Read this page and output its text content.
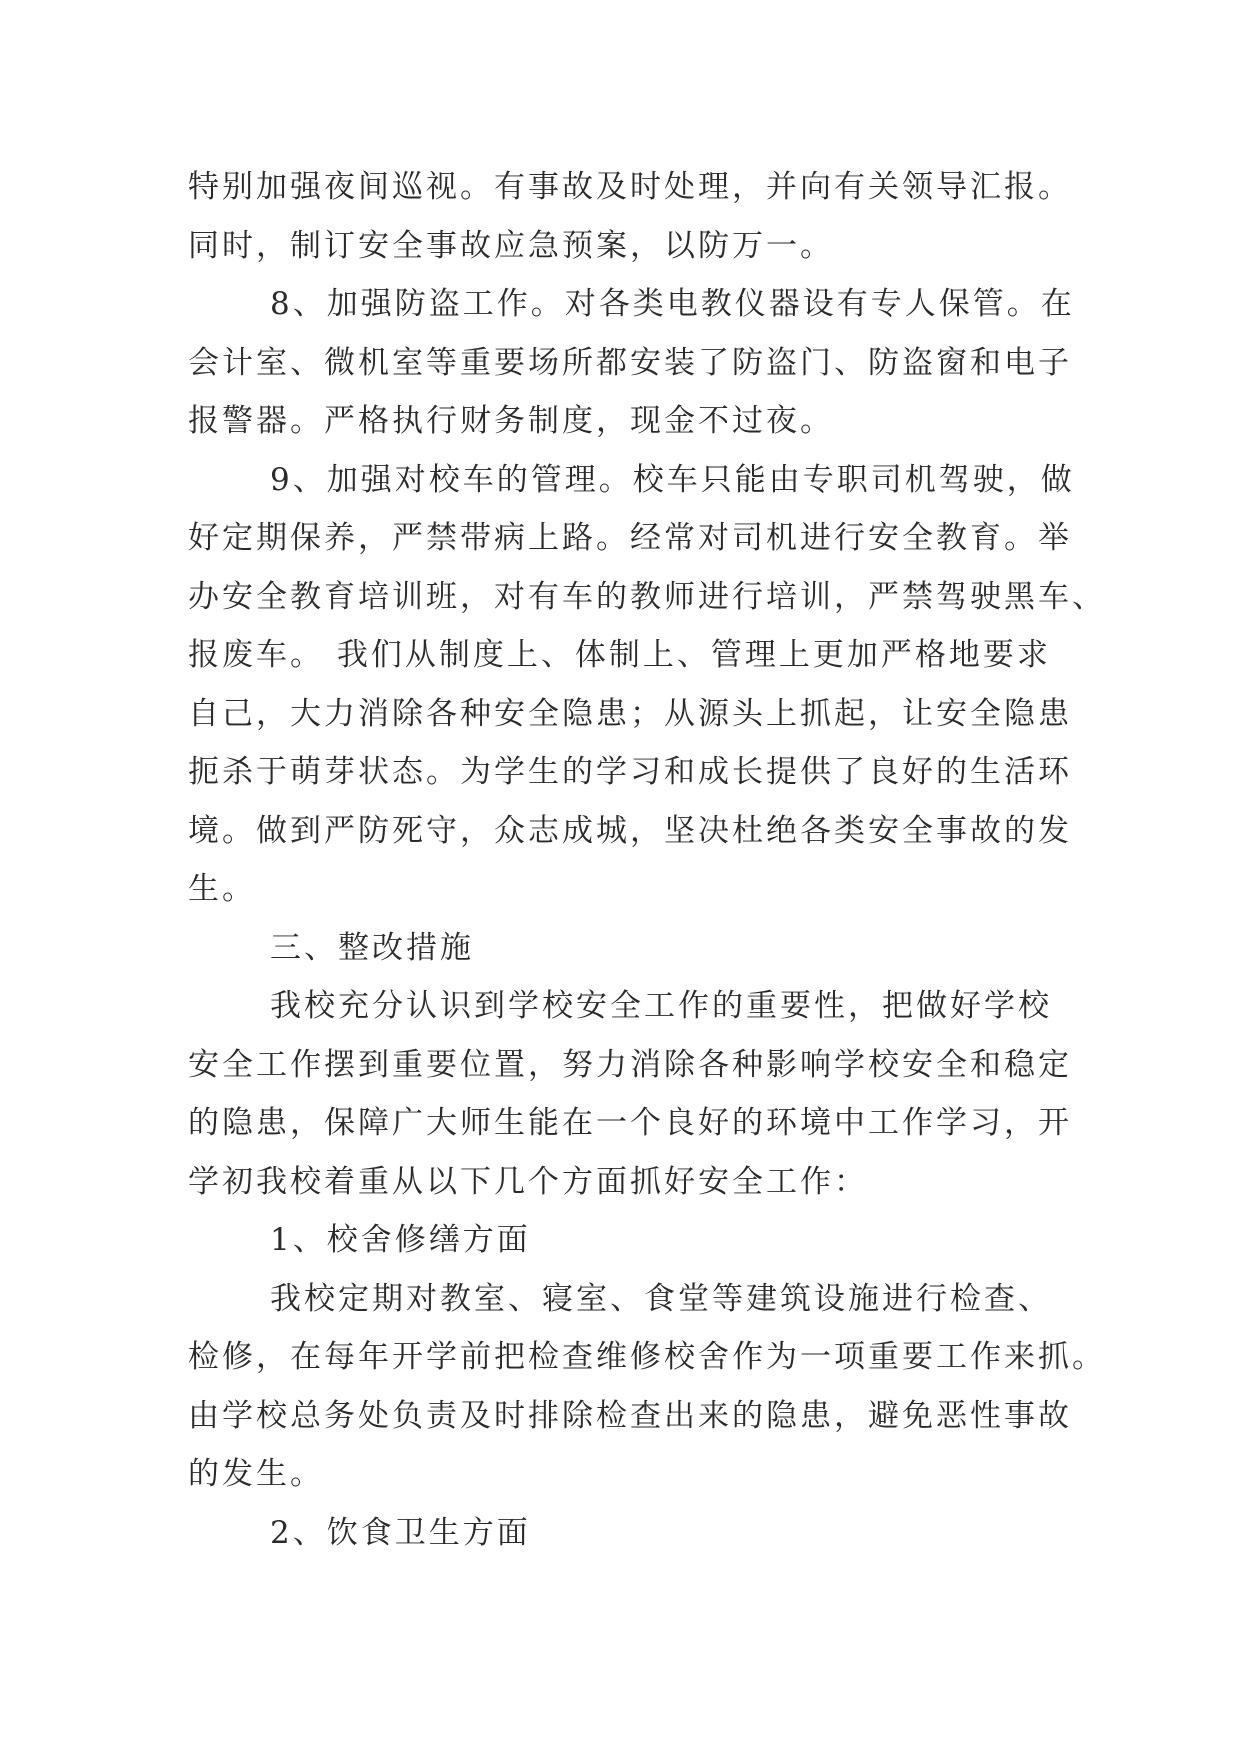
特别加强夜间巡视。有事故及时处理，并向有关领导汇报。
同时，制订安全事故应急预案，以防万一。
8、加强防盗工作。对各类电教仪器设有专人保管。在
会计室、微机室等重要场所都安装了防盗门、防盗窗和电子
报警器。严格执行财务制度，现金不过夜。
9、加强对校车的管理。校车只能由专职司机驾驶，做
好定期保养，严禁带病上路。经常对司机进行安全教育。举
办安全教育培训班，对有车的教师进行培训，严禁驾驶黑车、
报废车。 我们从制度上、体制上、管理上更加严格地要求
自己，大力消除各种安全隐患；从源头上抓起，让安全隐患
扼杀于萌芽状态。为学生的学习和成长提供了良好的生活环
境。做到严防死守，众志成城，坚决杜绝各类安全事故的发
生。
三、整改措施
我校充分认识到学校安全工作的重要性，把做好学校
安全工作摆到重要位置，努力消除各种影响学校安全和稳定
的隐患，保障广大师生能在一个良好的环境中工作学习，开
学初我校着重从以下几个方面抓好安全工作：
1、校舍修缮方面
我校定期对教室、寝室、食堂等建筑设施进行检查、
检修，在每年开学前把检查维修校舍作为一项重要工作来抓。
由学校总务处负责及时排除检查出来的隐患，避免恶性事故
的发生。
2、饮食卫生方面
